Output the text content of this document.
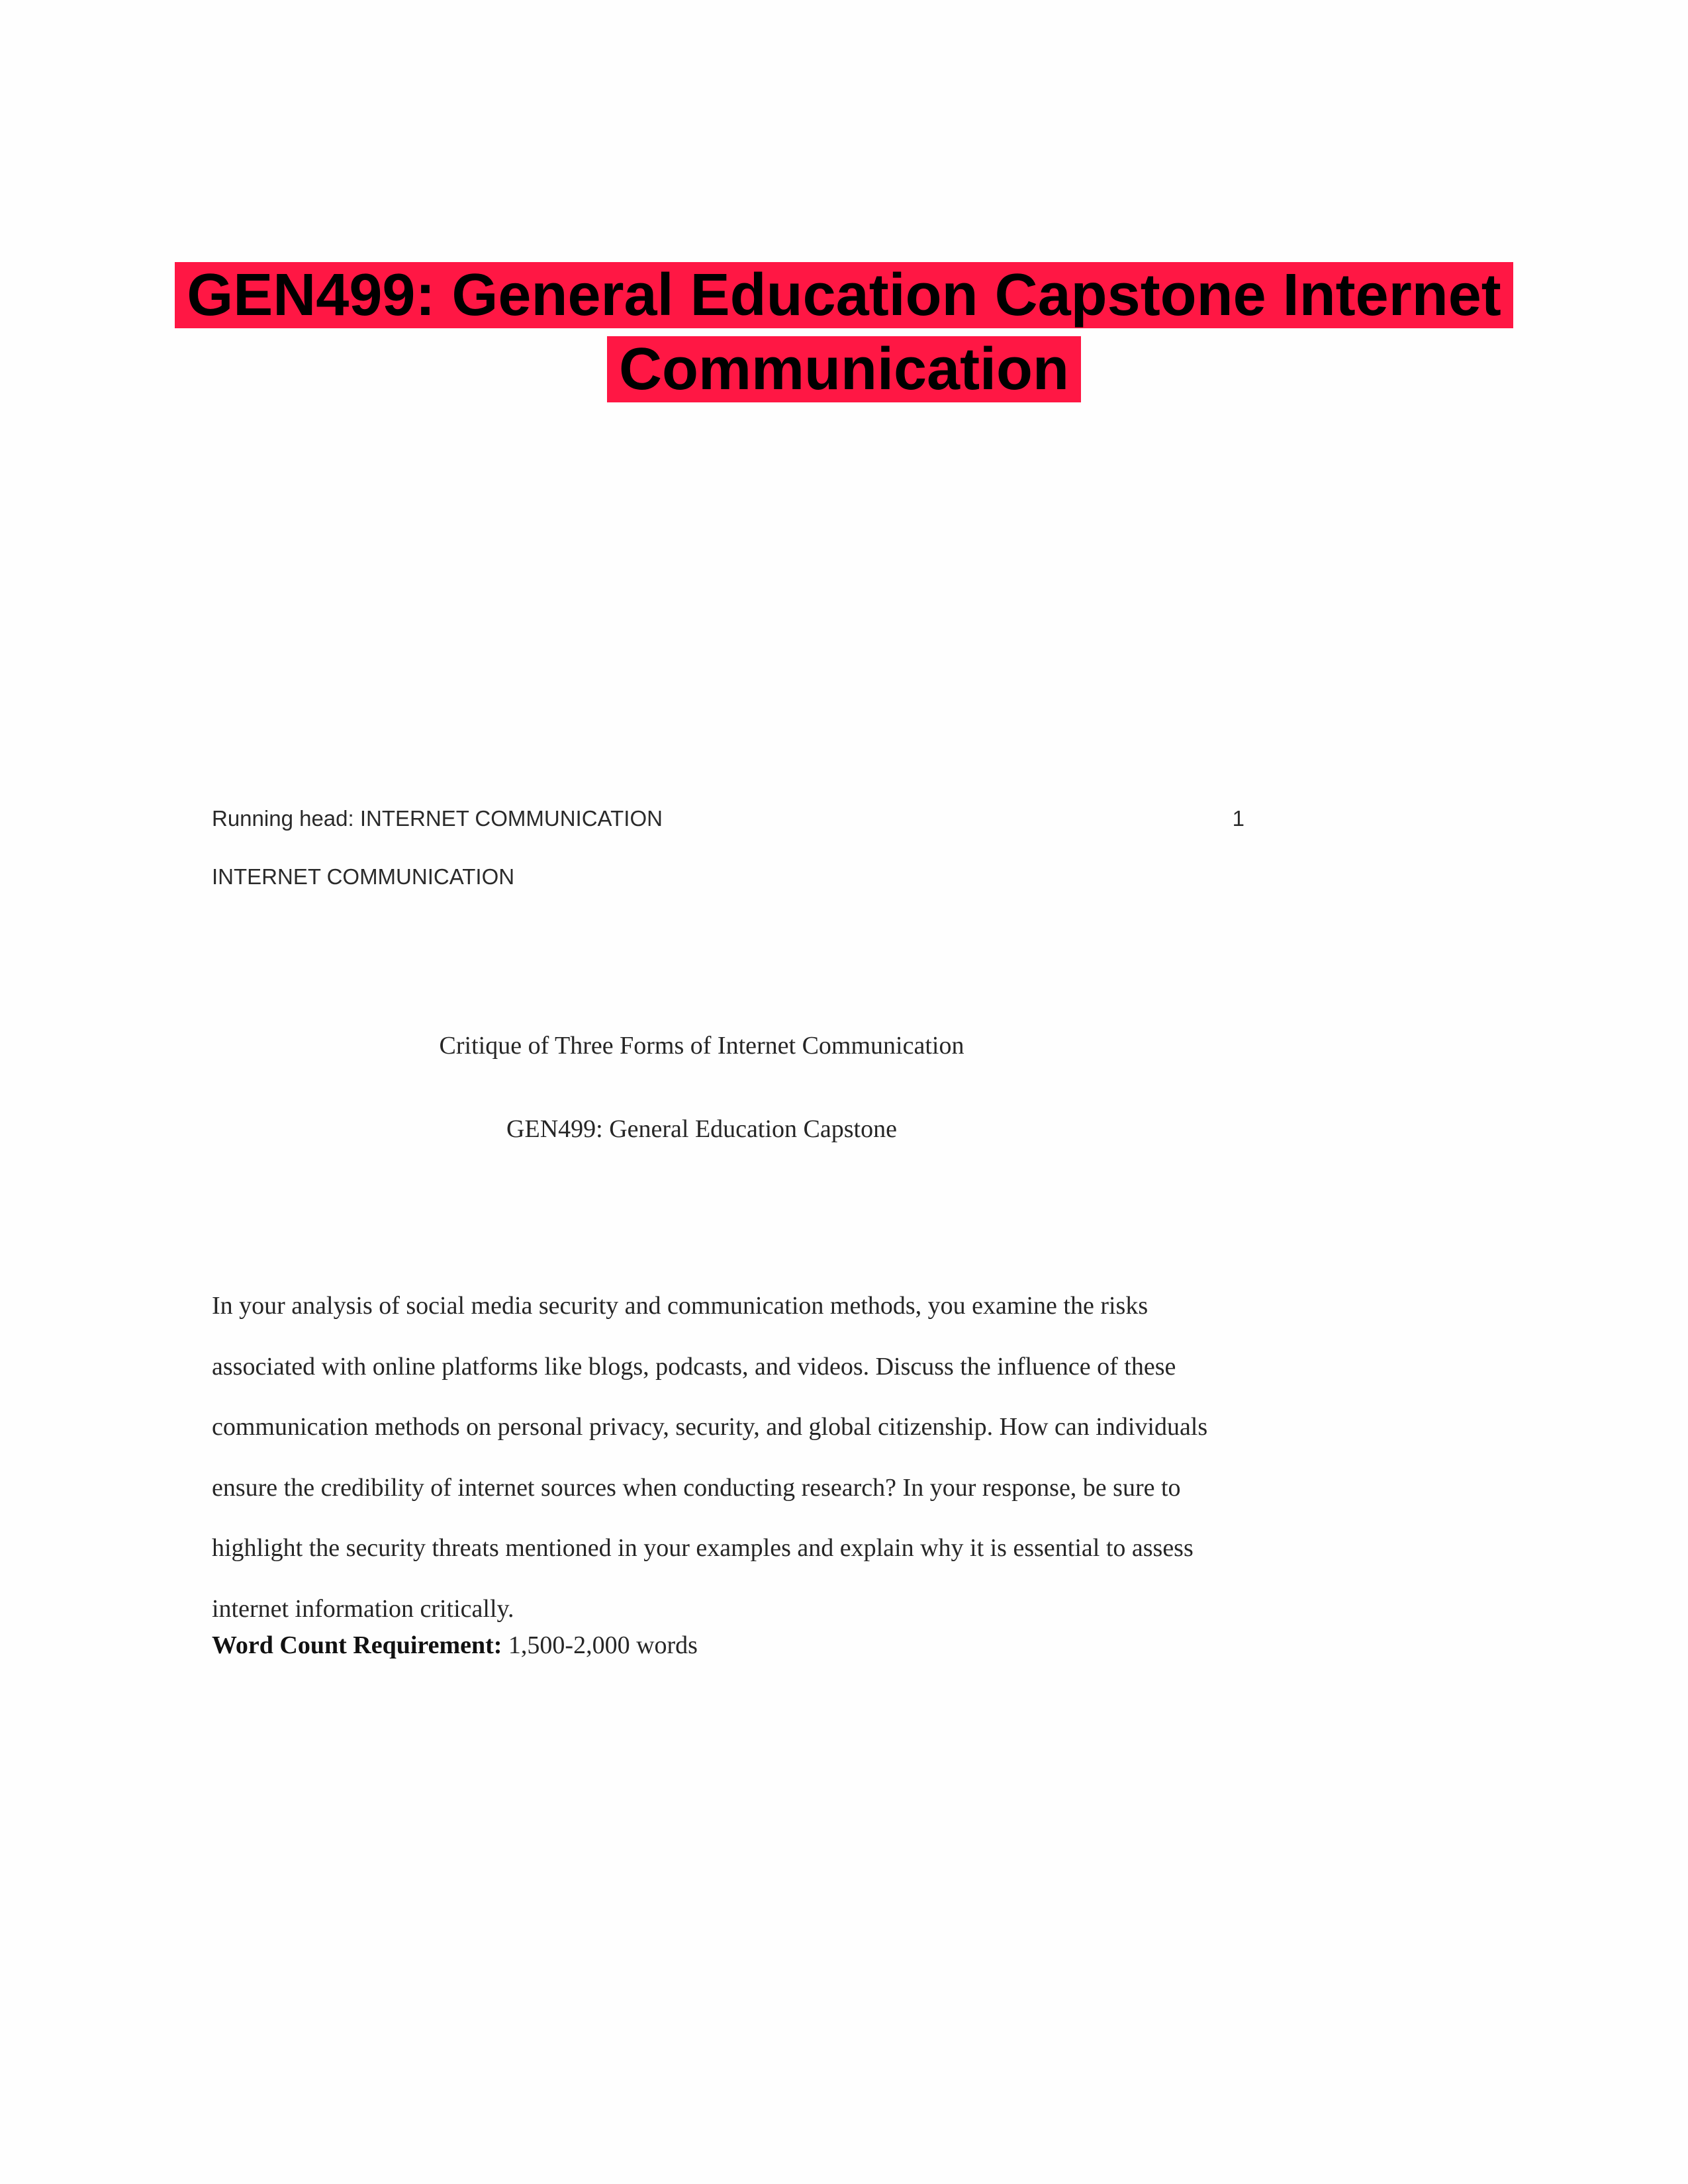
GEN499: General Education Capstone Internet Communication
Running head: INTERNET COMMUNICATION	1
INTERNET COMMUNICATION
Critique of Three Forms of Internet Communication
GEN499: General Education Capstone
In your analysis of social media security and communication methods, you examine the risks associated with online platforms like blogs, podcasts, and videos. Discuss the influence of these communication methods on personal privacy, security, and global citizenship. How can individuals ensure the credibility of internet sources when conducting research? In your response, be sure to highlight the security threats mentioned in your examples and explain why it is essential to assess internet information critically.
Word Count Requirement: 1,500-2,000 words
